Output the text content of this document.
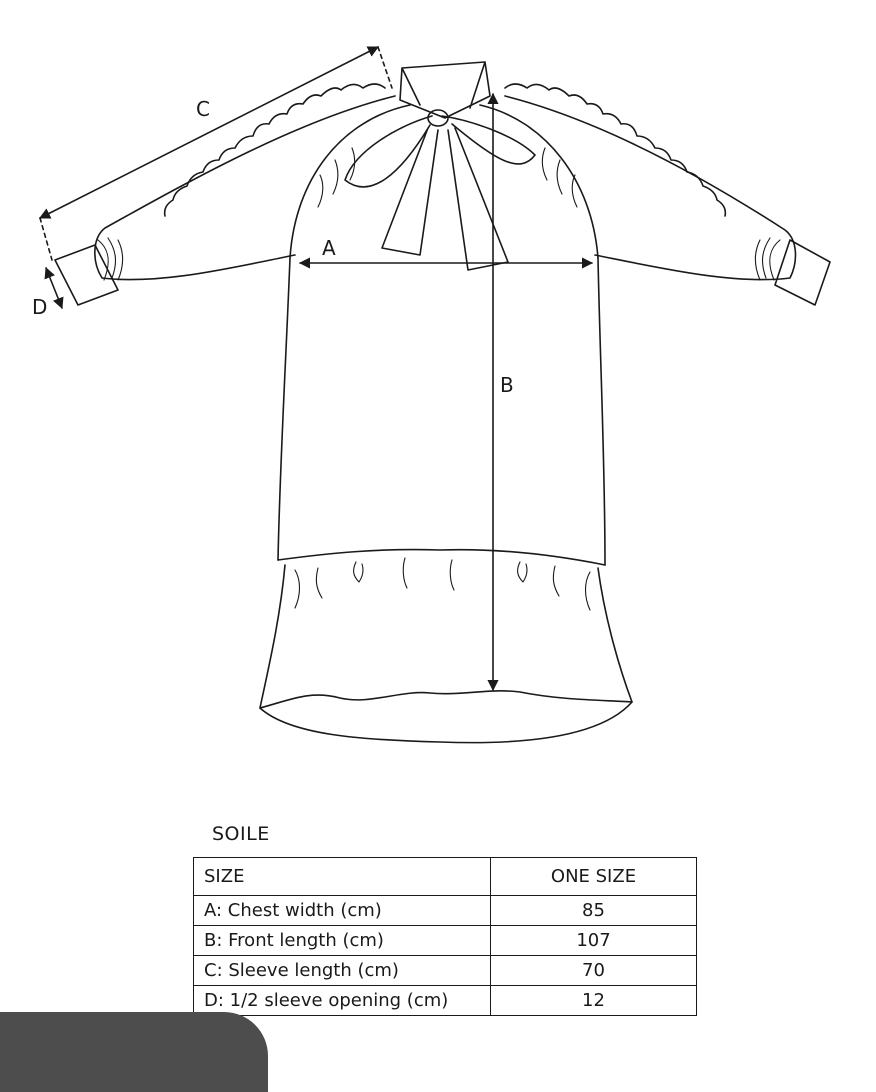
A
B
C
D
SOILE
SIZE	ONE SIZE
A: Chest width (cm)	85
B: Front length (cm)	107
C: Sleeve length (cm)	70
D: 1/2 sleeve opening (cm)	12
